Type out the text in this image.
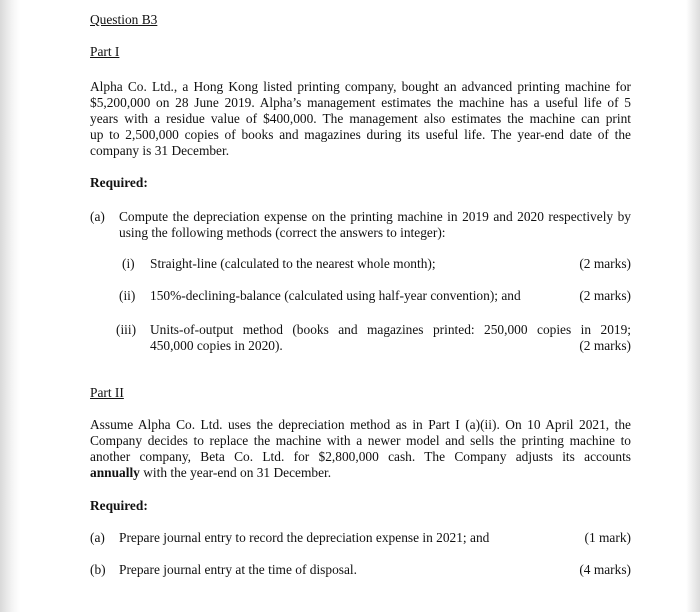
Question B3
Part I
Alpha Co. Ltd., a Hong Kong listed printing company, bought an advanced printing machine for
$5,200,000 on 28 June 2019. Alpha’s management estimates the machine has a useful life of 5
years with a residue value of $400,000. The management also estimates the machine can print
up to 2,500,000 copies of books and magazines during its useful life. The year-end date of the
company is 31 December.
Required:
(a) Compute the depreciation expense on the printing machine in 2019 and 2020 respectively by
using the following methods (correct the answers to integer):
(i) Straight-line (calculated to the nearest whole month);	(2 marks)
(ii) 150%-declining-balance (calculated using half-year convention); and	(2 marks)
(iii) Units-of-output method (books and magazines printed: 250,000 copies in 2019;
450,000 copies in 2020).	(2 marks)
Part II
Assume Alpha Co. Ltd. uses the depreciation method as in Part I (a)(ii). On 10 April 2021, the
Company decides to replace the machine with a newer model and sells the printing machine to
another company, Beta Co. Ltd. for $2,800,000 cash. The Company adjusts its accounts
annually with the year-end on 31 December.
Required:
(a) Prepare journal entry to record the depreciation expense in 2021; and	(1 mark)
(b) Prepare journal entry at the time of disposal.	(4 marks)
